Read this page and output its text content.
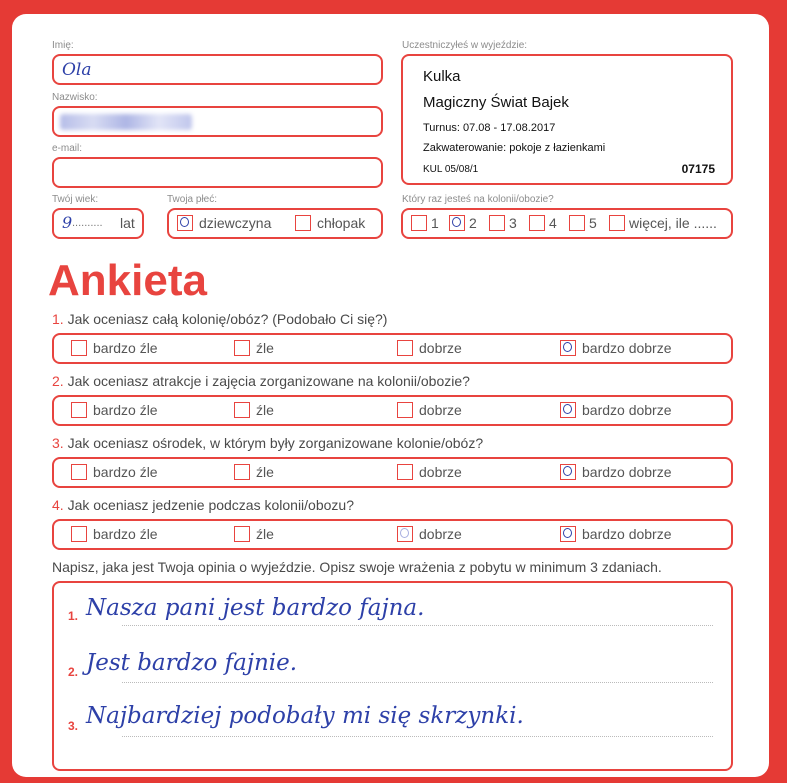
Imię:
Ola
Nazwisko:
e-mail:
Twój wiek:
9 .......... lat
Twoja płeć:
dziewczyna	chłopak
Uczestniczyłeś w wyjeździe:
Kulka
Magiczny Świat Bajek
Turnus: 07.08 - 17.08.2017
Zakwaterowanie: pokoje z łazienkami
KUL 05/08/1	07175
Który raz jesteś na kolonii/obozie?
1 2 3 4 5 więcej, ile ......
Ankieta
1. Jak oceniasz całą kolonię/obóz? (Podobało Ci się?)
bardzo źle	źle	dobrze	bardzo dobrze
2. Jak oceniasz atrakcje i zajęcia zorganizowane na kolonii/obozie?
bardzo źle	źle	dobrze	bardzo dobrze
3. Jak oceniasz ośrodek, w którym były zorganizowane kolonie/obóz?
bardzo źle	źle	dobrze	bardzo dobrze
4. Jak oceniasz jedzenie podczas kolonii/obozu?
bardzo źle	źle	dobrze	bardzo dobrze
Napisz, jaka jest Twoja opinia o wyjeździe. Opisz swoje wrażenia z pobytu w minimum 3 zdaniach.
1. Nasza pani jest bardzo fajna.
2. Jest bardzo fajnie.
3. Najbardziej podobały mi się skrzynki.
